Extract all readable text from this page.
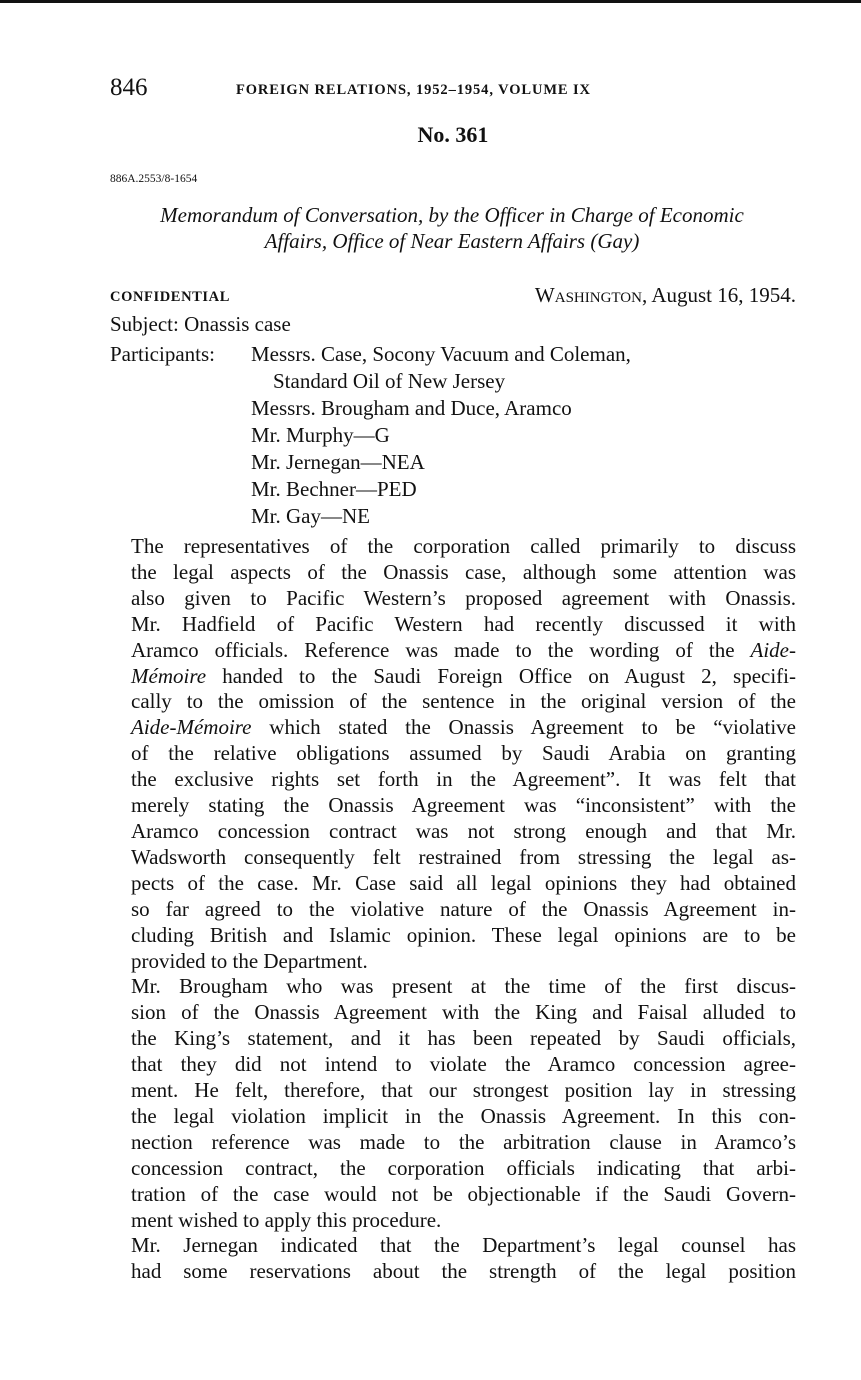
846	FOREIGN RELATIONS, 1952–1954, VOLUME IX
No. 361
886A.2553/8-1654
Memorandum of Conversation, by the Officer in Charge of Economic
Affairs, Office of Near Eastern Affairs (Gay)
CONFIDENTIAL	Washington, August 16, 1954.
Subject: Onassis case
Participants: Messrs. Case, Socony Vacuum and Coleman,
Standard Oil of New Jersey
Messrs. Brougham and Duce, Aramco
Mr. Murphy—G
Mr. Jernegan—NEA
Mr. Bechner—PED
Mr. Gay—NE

The representatives of the corporation called primarily to discuss
the legal aspects of the Onassis case, although some attention was
also given to Pacific Western’s proposed agreement with Onassis.
Mr. Hadfield of Pacific Western had recently discussed it with
Aramco officials. Reference was made to the wording of the Aide-
Mémoire handed to the Saudi Foreign Office on August 2, specifi-
cally to the omission of the sentence in the original version of the
Aide-Mémoire which stated the Onassis Agreement to be “violative
of the relative obligations assumed by Saudi Arabia on granting
the exclusive rights set forth in the Agreement”. It was felt that
merely stating the Onassis Agreement was “inconsistent” with the
Aramco concession contract was not strong enough and that Mr.
Wadsworth consequently felt restrained from stressing the legal as-
pects of the case. Mr. Case said all legal opinions they had obtained
so far agreed to the violative nature of the Onassis Agreement in-
cluding British and Islamic opinion. These legal opinions are to be
provided to the Department.

Mr. Brougham who was present at the time of the first discus-
sion of the Onassis Agreement with the King and Faisal alluded to
the King’s statement, and it has been repeated by Saudi officials,
that they did not intend to violate the Aramco concession agree-
ment. He felt, therefore, that our strongest position lay in stressing
the legal violation implicit in the Onassis Agreement. In this con-
nection reference was made to the arbitration clause in Aramco’s
concession contract, the corporation officials indicating that arbi-
tration of the case would not be objectionable if the Saudi Govern-
ment wished to apply this procedure.

Mr. Jernegan indicated that the Department’s legal counsel has
had some reservations about the strength of the legal position
